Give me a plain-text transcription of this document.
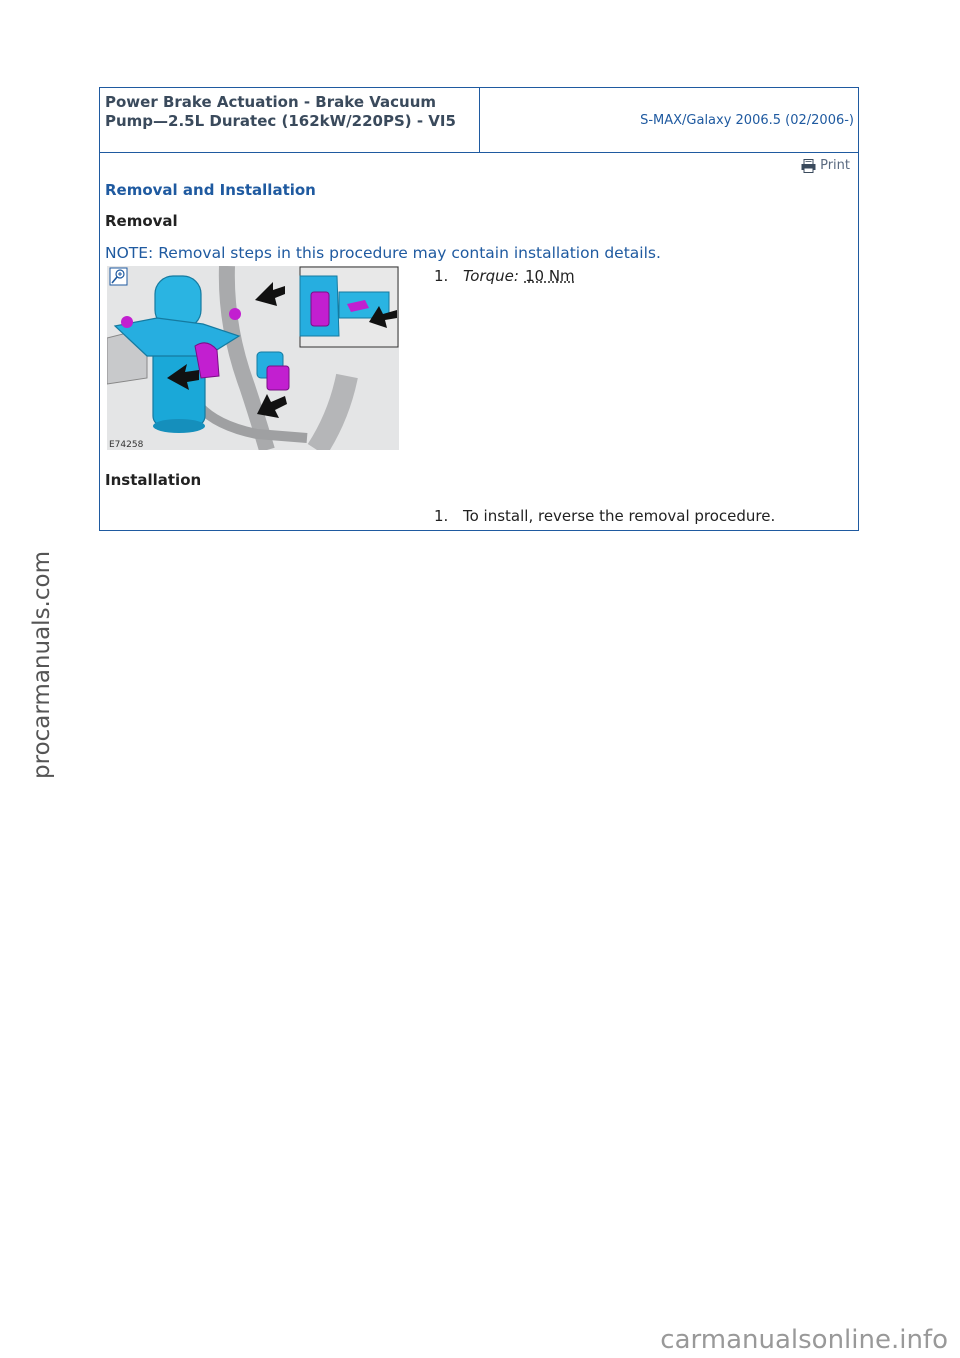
Power Brake Actuation - Brake Vacuum Pump—2.5L Duratec (162kW/220PS) - VI5	S-MAX/Galaxy 2006.5 (02/2006-)
Print
Removal and Installation
Removal
NOTE: Removal steps in this procedure may contain installation details.
E74258
1. Torque: 10 Nm
Installation
1. To install, reverse the removal procedure.
procarmanuals.com
carmanualsonline.info
